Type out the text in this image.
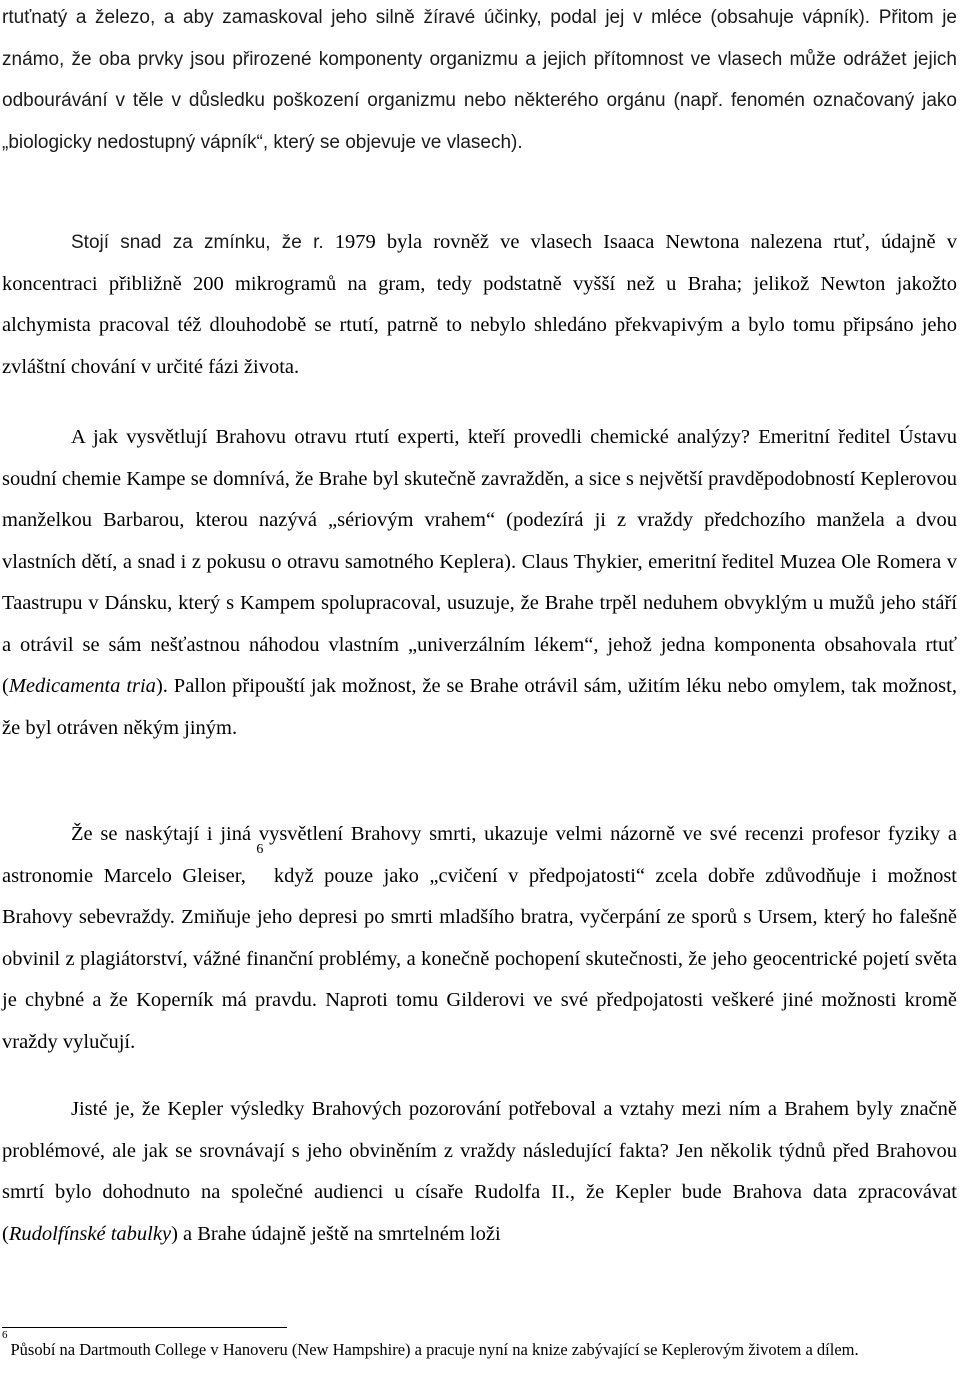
rtuťnatý a železo, a aby zamaskoval jeho silně žíravé účinky, podal jej v mléce (obsahuje vápník). Přitom je známo, že oba prvky jsou přirozené komponenty organizmu a jejich přítomnost ve vlasech může odrážet jejich odbourávání v těle v důsledku poškození organizmu nebo některého orgánu (např. fenomén označovaný jako „biologicky nedostupný vápník“, který se objevuje ve vlasech).

Stojí snad za zmínku, že r. 1979 byla rovněž ve vlasech Isaaca Newtona nalezena rtuť, údajně v koncentraci přibližně 200 mikrogramů na gram, tedy podstatně vyšší než u Braha; jelikož Newton jakožto alchymista pracoval též dlouhodobě se rtutí, patrně to nebylo shledáno překvapivým a bylo tomu připsáno jeho zvláštní chování v určité fázi života.

A jak vysvětlují Brahovu otravu rtutí experti, kteří provedli chemické analýzy? Emeritní ředitel Ústavu soudní chemie Kampe se domnívá, že Brahe byl skutečně zavražděn, a sice s největší pravděpodobností Keplerovou manželkou Barbarou, kterou nazývá „sériovým vrahem“ (podezírá ji z vraždy předchozího manžela a dvou vlastních dětí, a snad i z pokusu o otravu samotného Keplera). Claus Thykier, emeritní ředitel Muzea Ole Romera v Taastrupu v Dánsku, který s Kampem spolupracoval, usuzuje, že Brahe trpěl neduhem obvyklým u mužů jeho stáří a otrávil se sám nešťastnou náhodou vlastním „univerzálním lékem“, jehož jedna komponenta obsahovala rtuť (Medicamenta tria). Pallon připouští jak možnost, že se Brahe otrávil sám, užitím léku nebo omylem, tak možnost, že byl otráven někým jiným.

Že se naskýtají i jiná vysvětlení Brahovy smrti, ukazuje velmi názorně ve své recenzi profesor fyziky a astronomie Marcelo Gleiser, $^6$ když pouze jako „cvičení v předpojatosti“ zcela dobře zdůvodňuje i možnost Brahovy sebevraždy. Zmiňuje jeho depresi po smrti mladšího bratra, vyčerpání ze sporů s Ursem, který ho falešně obvinil z plagiátorství, vážné finanční problémy, a konečně pochopení skutečnosti, že jeho geocentrické pojetí světa je chybné a že Koperník má pravdu. Naproti tomu Gilderovi ve své předpojatosti veškeré jiné možnosti kromě vraždy vylučují.

Jisté je, že Kepler výsledky Brahových pozorování potřeboval a vztahy mezi ním a Brahem byly značně problémové, ale jak se srovnávají s jeho obviněním z vraždy následující fakta? Jen několik týdnů před Brahovou smrtí bylo dohodnuto na společné audienci u císaře Rudolfa II., že Kepler bude Brahova data zpracovávat (Rudolfínské tabulky) a Brahe údajně ještě na smrtelném loži

$^6$Působí na Dartmouth College v Hanoveru (New Hampshire) a pracuje nyní na knize zabývající se Keplerovým životem a dílem.
